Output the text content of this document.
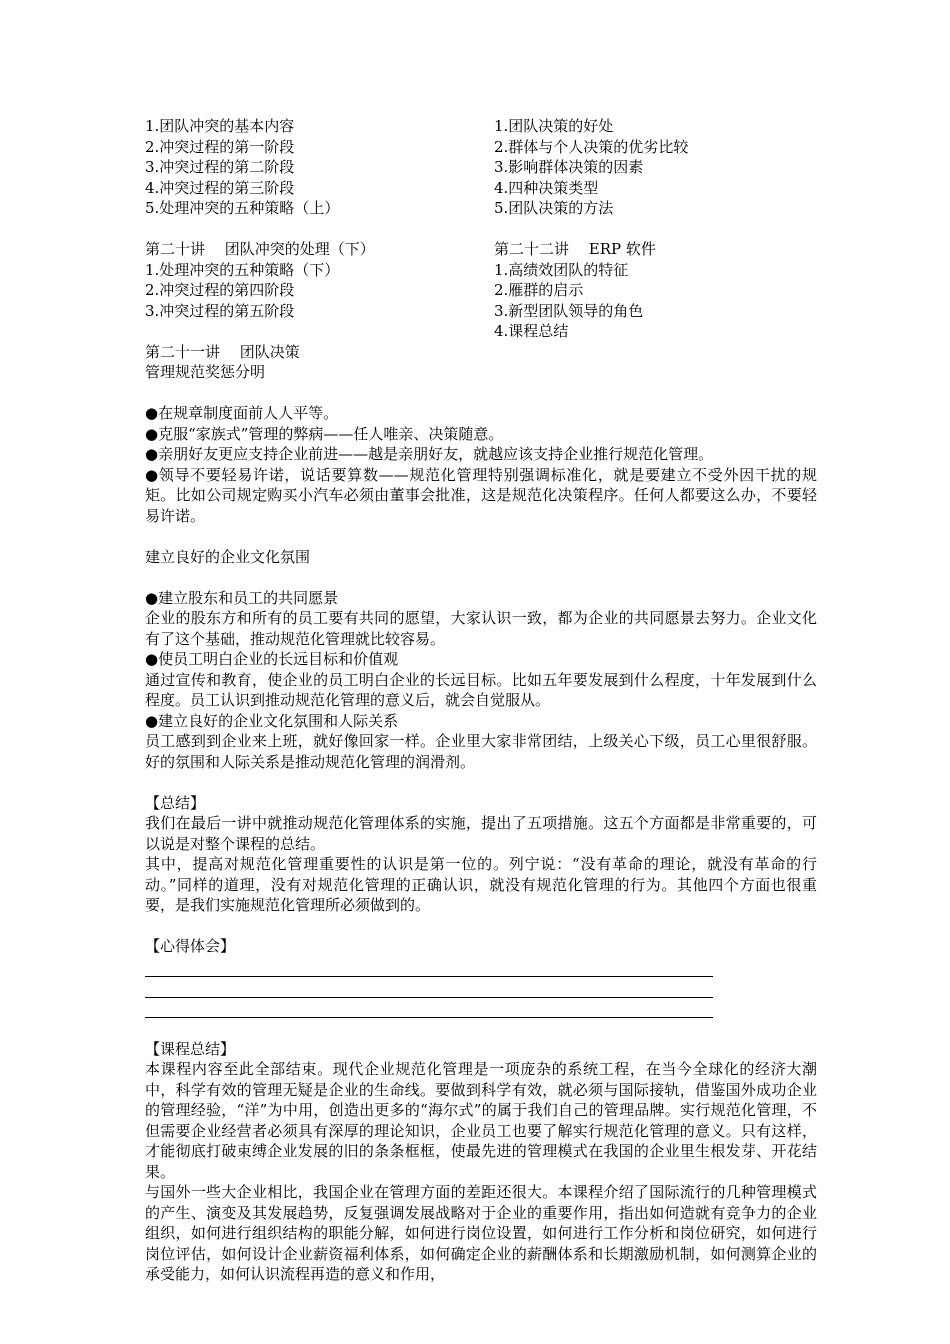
1.团队冲突的基本内容
2.冲突过程的第一阶段
3.冲突过程的第二阶段
4.冲突过程的第三阶段
5.处理冲突的五种策略（上）
第二十讲　 团队冲突的处理（下）
1.处理冲突的五种策略（下）
2.冲突过程的第四阶段
3.冲突过程的第五阶段
第二十一讲　 团队决策
1.团队决策的好处
2.群体与个人决策的优劣比较
3.影响群体决策的因素
4.四种决策类型
5.团队决策的方法
第二十二讲　 ERP 软件
1.高绩效团队的特征
2.雁群的启示
3.新型团队领导的角色
4.课程总结
管理规范奖惩分明
●在规章制度面前人人平等。
●克服“家族式”管理的弊病——任人唯亲、决策随意。
●亲朋好友更应支持企业前进——越是亲朋好友，就越应该支持企业推行规范化管理。
●领导不要轻易许诺，说话要算数——规范化管理特别强调标准化，就是要建立不受外因干扰的规矩。比如公司规定购买小汽车必须由董事会批准，这是规范化决策程序。任何人都要这么办，不要轻易许诺。
建立良好的企业文化氛围
●建立股东和员工的共同愿景
企业的股东方和所有的员工要有共同的愿望，大家认识一致，都为企业的共同愿景去努力。企业文化有了这个基础，推动规范化管理就比较容易。
●使员工明白企业的长远目标和价值观
通过宣传和教育，使企业的员工明白企业的长远目标。比如五年要发展到什么程度，十年发展到什么程度。员工认识到推动规范化管理的意义后，就会自觉服从。
●建立良好的企业文化氛围和人际关系
员工感到到企业来上班，就好像回家一样。企业里大家非常团结，上级关心下级，员工心里很舒服。好的氛围和人际关系是推动规范化管理的润滑剂。
【总结】
我们在最后一讲中就推动规范化管理体系的实施，提出了五项措施。这五个方面都是非常重要的，可以说是对整个课程的总结。
其中，提高对规范化管理重要性的认识是第一位的。列宁说：“没有革命的理论，就没有革命的行动。”同样的道理，没有对规范化管理的正确认识，就没有规范化管理的行为。其他四个方面也很重要，是我们实施规范化管理所必须做到的。
【心得体会】
【课程总结】
本课程内容至此全部结束。现代企业规范化管理是一项庞杂的系统工程，在当今全球化的经济大潮中，科学有效的管理无疑是企业的生命线。要做到科学有效，就必须与国际接轨，借鉴国外成功企业的管理经验，“洋”为中用，创造出更多的“海尔式”的属于我们自己的管理品牌。实行规范化管理，不但需要企业经营者必须具有深厚的理论知识，企业员工也要了解实行规范化管理的意义。只有这样，才能彻底打破束缚企业发展的旧的条条框框，使最先进的管理模式在我国的企业里生根发芽、开花结果。
与国外一些大企业相比，我国企业在管理方面的差距还很大。本课程介绍了国际流行的几种管理模式的产生、演变及其发展趋势，反复强调发展战略对于企业的重要作用，指出如何造就有竞争力的企业组织，如何进行组织结构的职能分解，如何进行岗位设置，如何进行工作分析和岗位研究，如何进行岗位评估，如何设计企业薪资福利体系，如何确定企业的薪酬体系和长期激励机制，如何测算企业的承受能力，如何认识流程再造的意义和作用，
